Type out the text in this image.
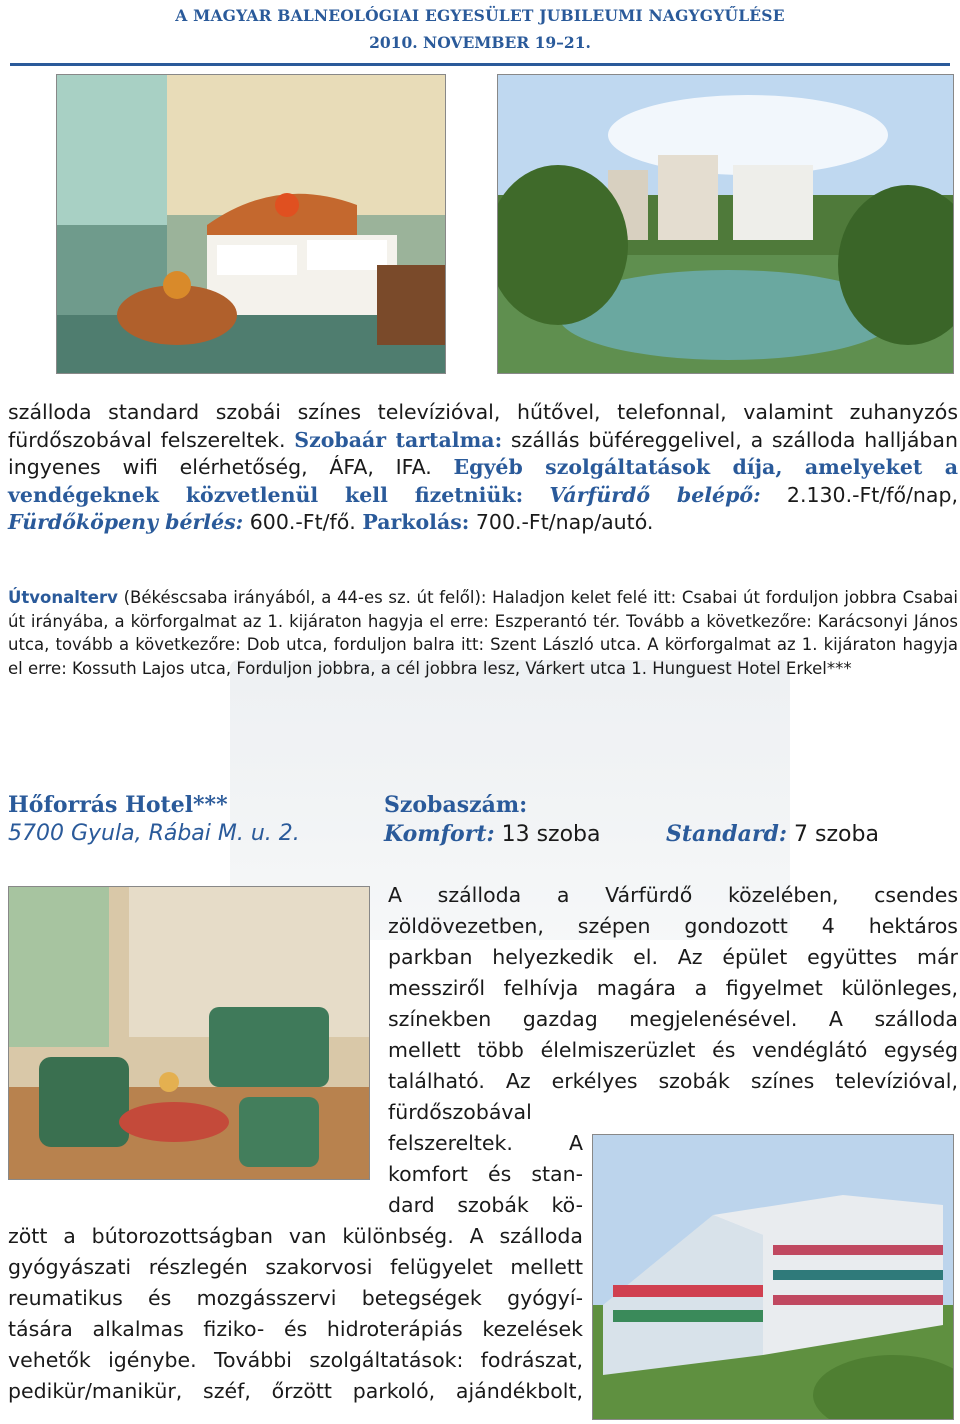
A MAGYAR BALNEOLÓGIAI EGYESÜLET JUBILEUMI NAGYGYŰLÉSE
2010. NOVEMBER 19–21.
szálloda standard szobái színes televízióval, hűtővel, telefonnal, valamint zuhanyzós fürdőszobával felszereltek. Szobaár tartalma: szállás büféreggelivel, a szálloda halljában ingyenes wifi elérhetőség, ÁFA, IFA. Egyéb szolgáltatások díja, amelyeket a vendégeknek közvetlenül kell fizetniük: Várfürdő belépő: 2.130.-Ft/fő/nap, Fürdőköpeny bérlés: 600.-Ft/fő. Parkolás: 700.-Ft/nap/autó.
Útvonalterv (Békéscsaba irányából, a 44-es sz. út felől): Haladjon kelet felé itt: Csabai út forduljon jobbra Csabai út irányába, a körforgalmat az 1. kijáraton hagyja el erre: Eszperantó tér. Tovább a következőre: Karácsonyi János utca, tovább a következőre: Dob utca, forduljon balra itt: Szent László utca. A körforgalmat az 1. kijáraton hagyja el erre: Kossuth Lajos utca, Forduljon jobbra, a cél jobbra lesz, Várkert utca 1. Hunguest Hotel Erkel***
Hőforrás Hotel***
5700 Gyula, Rábai M. u. 2.
Szobaszám:
Komfort: 13 szoba	Standard: 7 szoba
A szálloda a Várfürdő közelében, csendes
zöldövezetben, szépen gondozott 4 hektáros
parkban helyezkedik el. Az épület együttes már
messziről felhívja magára a figyelmet különleges,
színekben gazdag megjelenésével. A szálloda
mellett több élelmiszerüzlet és vendéglátó egység
található. Az erkélyes szobák színes televízióval,
fürdőszobával
felszereltek. A
komfort és stan-
dard szobák kö-
zött a bútorozottságban van különbség. A szálloda
gyógyászati részlegén szakorvosi felügyelet mellett
reumatikus és mozgásszervi betegségek gyógyí-
tására alkalmas fiziko- és hidroterápiás kezelések
vehetők igénybe. További szolgáltatások: fodrászat,
pedikür/manikür, széf, őrzött parkoló, ajándékbolt,
